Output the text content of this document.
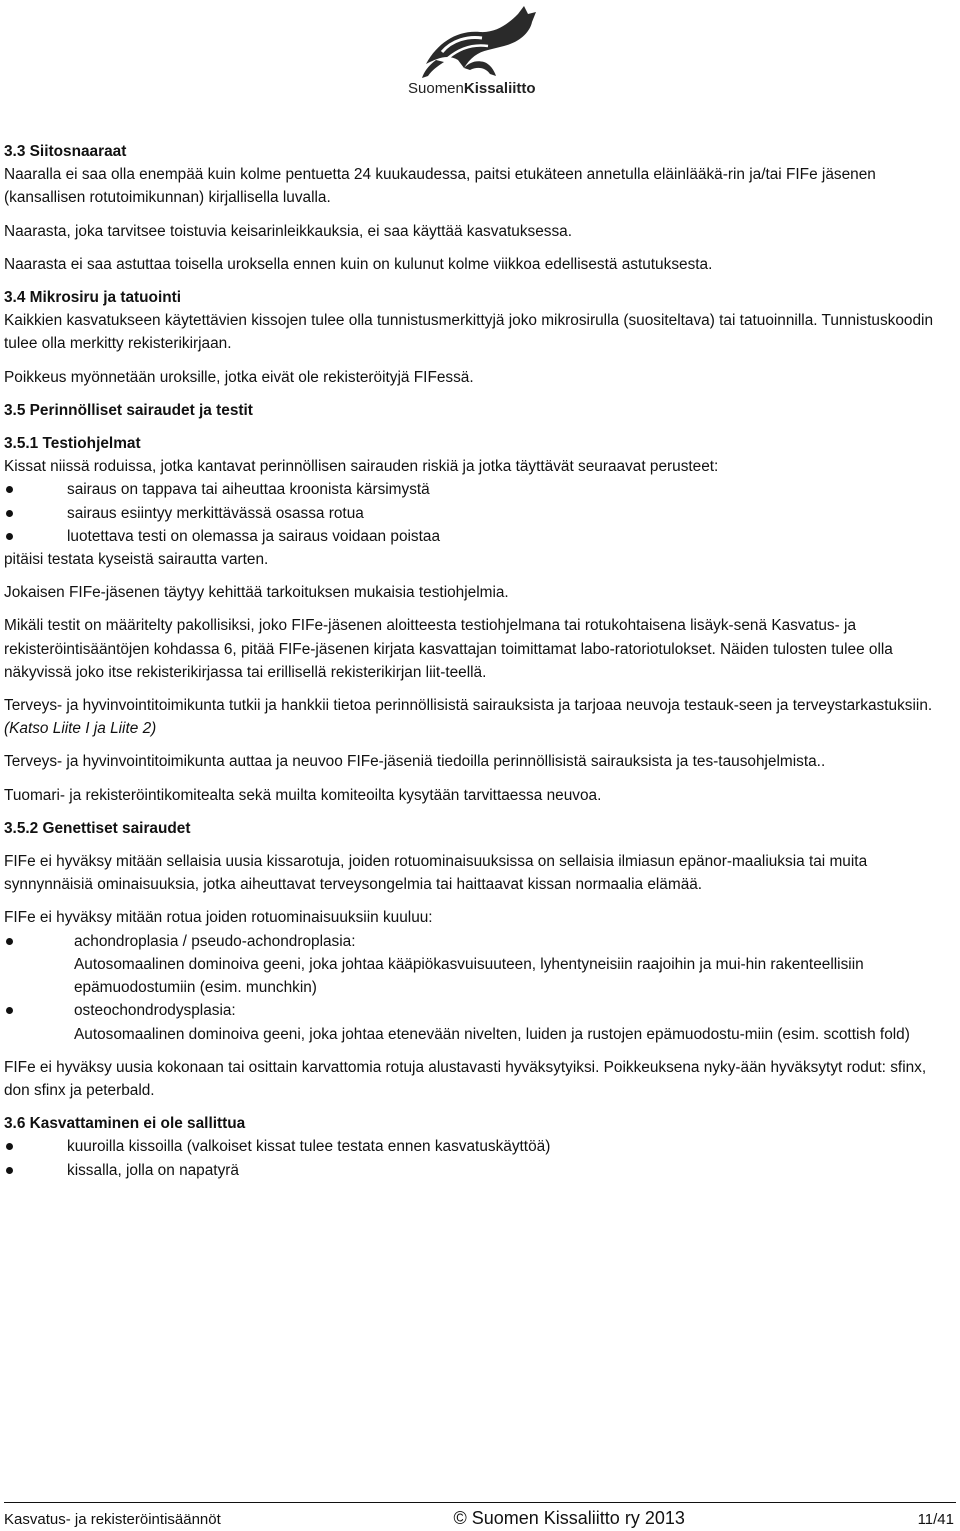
SuomenKissaliitto

3.3 Siitosnaaraat

Naaralla ei saa olla enempää kuin kolme pentuetta 24 kuukaudessa, paitsi etukäteen annetulla eläinlääkä-rin ja/tai FIFe jäsenen (kansallisen rotutoimikunnan) kirjallisella luvalla.

Naarasta, joka tarvitsee toistuvia keisarinleikkauksia, ei saa käyttää kasvatuksessa.

Naarasta ei saa astuttaa toisella uroksella ennen kuin on kulunut kolme viikkoa edellisestä astutuksesta.

3.4 Mikrosiru ja tatuointi

Kaikkien kasvatukseen käytettävien kissojen tulee olla tunnistusmerkittyjä joko mikrosirulla (suositeltava) tai tatuoinnilla. Tunnistuskoodin tulee olla merkitty rekisterikirjaan.

Poikkeus myönnetään uroksille, jotka eivät ole rekisteröityjä FIFessä.

3.5 Perinnölliset sairaudet ja testit

3.5.1 Testiohjelmat

Kissat niissä roduissa, jotka kantavat perinnöllisen sairauden riskiä ja jotka täyttävät seuraavat perusteet:

sairaus on tappava tai aiheuttaa kroonista kärsimystä
sairaus esiintyy merkittävässä osassa rotua
luotettava testi on olemassa ja sairaus voidaan poistaa

pitäisi testata kyseistä sairautta varten.

Jokaisen FIFe-jäsenen täytyy kehittää tarkoituksen mukaisia testiohjelmia.

Mikäli testit on määritelty pakollisiksi, joko FIFe-jäsenen aloitteesta testiohjelmana tai rotukohtaisena lisäyk-senä Kasvatus- ja rekisteröintisääntöjen kohdassa 6, pitää FIFe-jäsenen kirjata kasvattajan toimittamat labo-ratoriotulokset. Näiden tulosten tulee olla näkyvissä joko itse rekisterikirjassa tai erillisellä rekisterikirjan liit-teellä.

Terveys- ja hyvinvointitoimikunta tutkii ja hankkii tietoa perinnöllisistä sairauksista ja tarjoaa neuvoja testauk-seen ja terveystarkastuksiin. (Katso Liite I ja Liite 2)

Terveys- ja hyvinvointitoimikunta auttaa ja neuvoo FIFe-jäseniä tiedoilla perinnöllisistä sairauksista ja tes-tausohjelmista..

Tuomari- ja rekisteröintikomitealta sekä muilta komiteoilta kysytään tarvittaessa neuvoa.

3.5.2 Genettiset sairaudet

FIFe ei hyväksy mitään sellaisia uusia kissarotuja, joiden rotuominaisuuksissa on sellaisia ilmiasun epänor-maaliuksia tai muita synnynnäisiä ominaisuuksia, jotka aiheuttavat terveysongelmia tai haittaavat kissan normaalia elämää.

FIFe ei hyväksy mitään rotua joiden rotuominaisuuksiin kuuluu:

achondroplasia / pseudo-achondroplasia:
Autosomaalinen dominoiva geeni, joka johtaa kääpiökasvuisuuteen, lyhentyneisiin raajoihin ja mui-hin rakenteellisiin epämuodostumiin (esim. munchkin)
osteochondrodysplasia:
Autosomaalinen dominoiva geeni, joka johtaa etenevään nivelten, luiden ja rustojen epämuodostu-miin (esim. scottish fold)

FIFe ei hyväksy uusia kokonaan tai osittain karvattomia rotuja alustavasti hyväksytyiksi. Poikkeuksena nyky-ään hyväksytyt rodut: sfinx, don sfinx ja peterbald.

3.6 Kasvattaminen ei ole sallittua

kuuroilla kissoilla (valkoiset kissat tulee testata ennen kasvatuskäyttöä)
kissalla, jolla on napatyrä
Kasvatus- ja rekisteröintisäännöt	© Suomen Kissaliitto ry 2013	11/41
